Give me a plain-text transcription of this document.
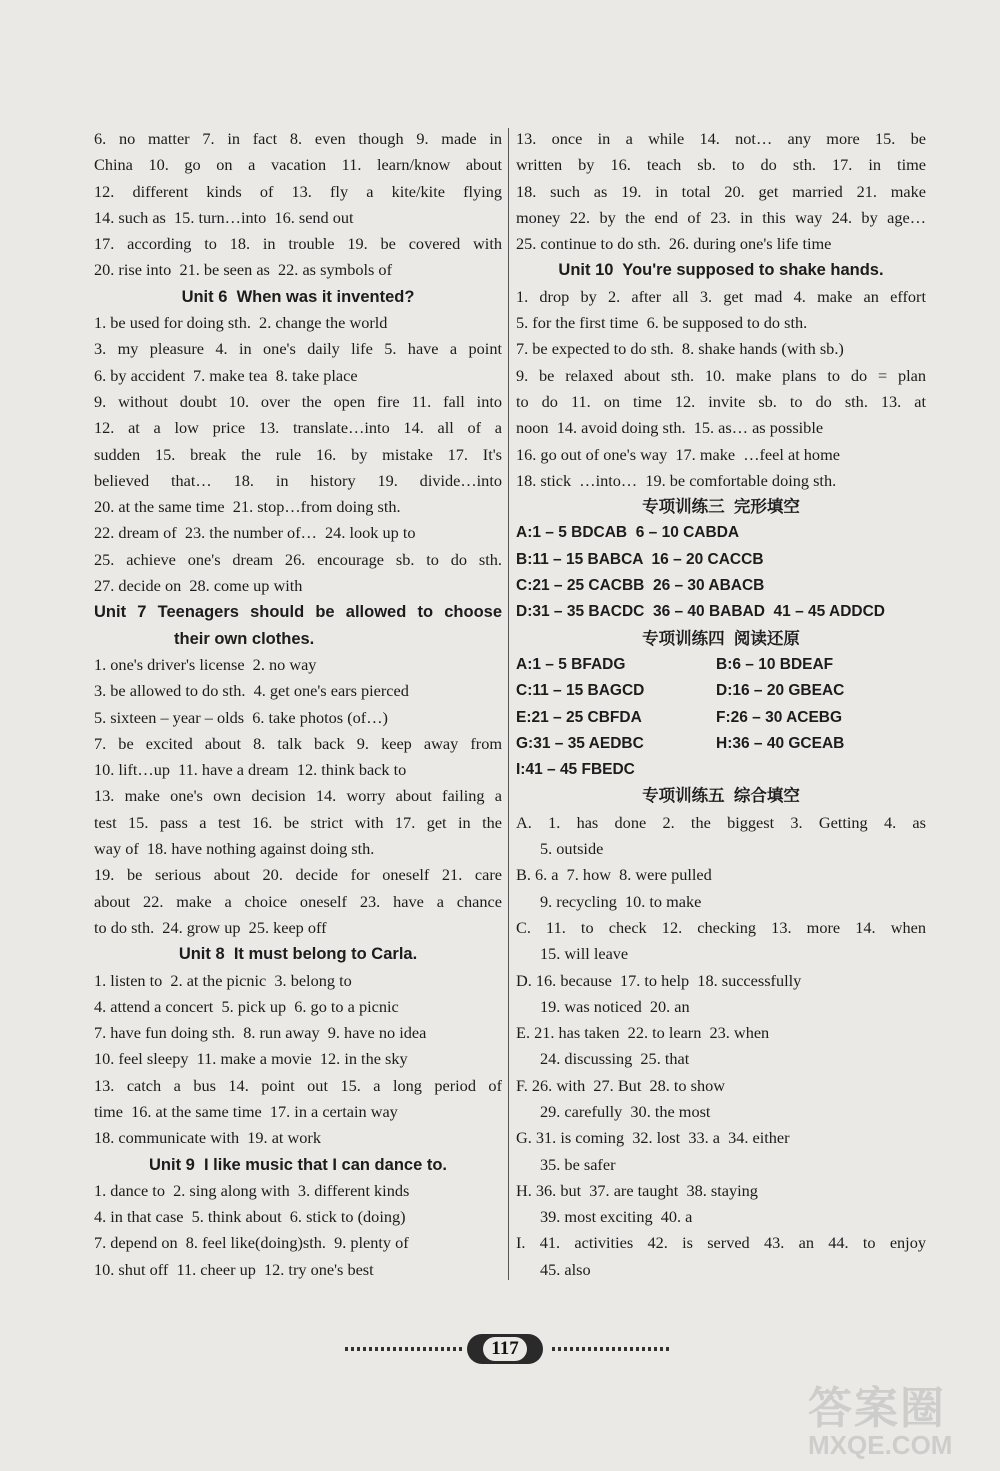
6. no matter 7. in fact 8. even though 9. made in
China 10. go on a vacation 11. learn/know about
12. different kinds of 13. fly a kite/kite flying
14. such as  15. turn…into  16. send out
17. according to 18. in trouble 19. be covered with
20. rise into  21. be seen as  22. as symbols of
Unit 6  When was it invented?
1. be used for doing sth.  2. change the world
3. my pleasure 4. in one's daily life 5. have a point
6. by accident  7. make tea  8. take place
9. without doubt 10. over the open fire 11. fall into
12. at a low price 13. translate…into 14. all of a
sudden 15. break the rule 16. by mistake 17. It's
believed that… 18. in history 19. divide…into
20. at the same time  21. stop…from doing sth.
22. dream of  23. the number of…  24. look up to
25. achieve one's dream 26. encourage sb. to do sth.
27. decide on  28. come up with
Unit 7 Teenagers should be allowed to choose
their own clothes.
1. one's driver's license  2. no way
3. be allowed to do sth.  4. get one's ears pierced
5. sixteen – year – olds  6. take photos (of…)
7. be excited about 8. talk back 9. keep away from
10. lift…up  11. have a dream  12. think back to
13. make one's own decision 14. worry about failing a
test 15. pass a test 16. be strict with 17. get in the
way of  18. have nothing against doing sth.
19. be serious about 20. decide for oneself 21. care
about 22. make a choice oneself 23. have a chance
to do sth.  24. grow up  25. keep off
Unit 8  It must belong to Carla.
1. listen to  2. at the picnic  3. belong to
4. attend a concert  5. pick up  6. go to a picnic
7. have fun doing sth.  8. run away  9. have no idea
10. feel sleepy  11. make a movie  12. in the sky
13. catch a bus 14. point out 15. a long period of
time  16. at the same time  17. in a certain way
18. communicate with  19. at work
Unit 9  I like music that I can dance to.
1. dance to  2. sing along with  3. different kinds
4. in that case  5. think about  6. stick to (doing)
7. depend on  8. feel like(doing)sth.  9. plenty of
10. shut off  11. cheer up  12. try one's best
13. once in a while 14. not… any more 15. be
written by 16. teach sb. to do sth. 17. in time
18. such as 19. in total 20. get married 21. make
money 22. by the end of 23. in this way 24. by age…
25. continue to do sth.  26. during one's life time
Unit 10  You're supposed to shake hands.
1. drop by 2. after all 3. get mad 4. make an effort
5. for the first time  6. be supposed to do sth.
7. be expected to do sth.  8. shake hands (with sb.)
9. be relaxed about sth. 10. make plans to do = plan
to do 11. on time 12. invite sb. to do sth. 13. at
noon  14. avoid doing sth.  15. as… as possible
16. go out of one's way  17. make  …feel at home
18. stick  …into…  19. be comfortable doing sth.
专项训练三  完形填空
A:1 – 5 BDCAB  6 – 10 CABDA
B:11 – 15 BABCA  16 – 20 CACCB
C:21 – 25 CACBB  26 – 30 ABACB
D:31 – 35 BACDC  36 – 40 BABAD  41 – 45 ADDCD
专项训练四  阅读还原
A:1 – 5 BFADG	B:6 – 10 BDEAF
C:11 – 15 BAGCD	D:16 – 20 GBEAC
E:21 – 25 CBFDA	F:26 – 30 ACEBG
G:31 – 35 AEDBC	H:36 – 40 GCEAB
I:41 – 45 FBEDC
专项训练五  综合填空
A. 1. has done 2. the biggest 3. Getting 4. as
5. outside
B. 6. a  7. how  8. were pulled
9. recycling  10. to make
C. 11. to check 12. checking 13. more 14. when
15. will leave
D. 16. because  17. to help  18. successfully
19. was noticed  20. an
E. 21. has taken  22. to learn  23. when
24. discussing  25. that
F. 26. with  27. But  28. to show
29. carefully  30. the most
G. 31. is coming  32. lost  33. a  34. either
35. be safer
H. 36. but  37. are taught  38. staying
39. most exciting  40. a
I. 41. activities 42. is served 43. an 44. to enjoy
45. also
117
答案圈
MXQE.COM
